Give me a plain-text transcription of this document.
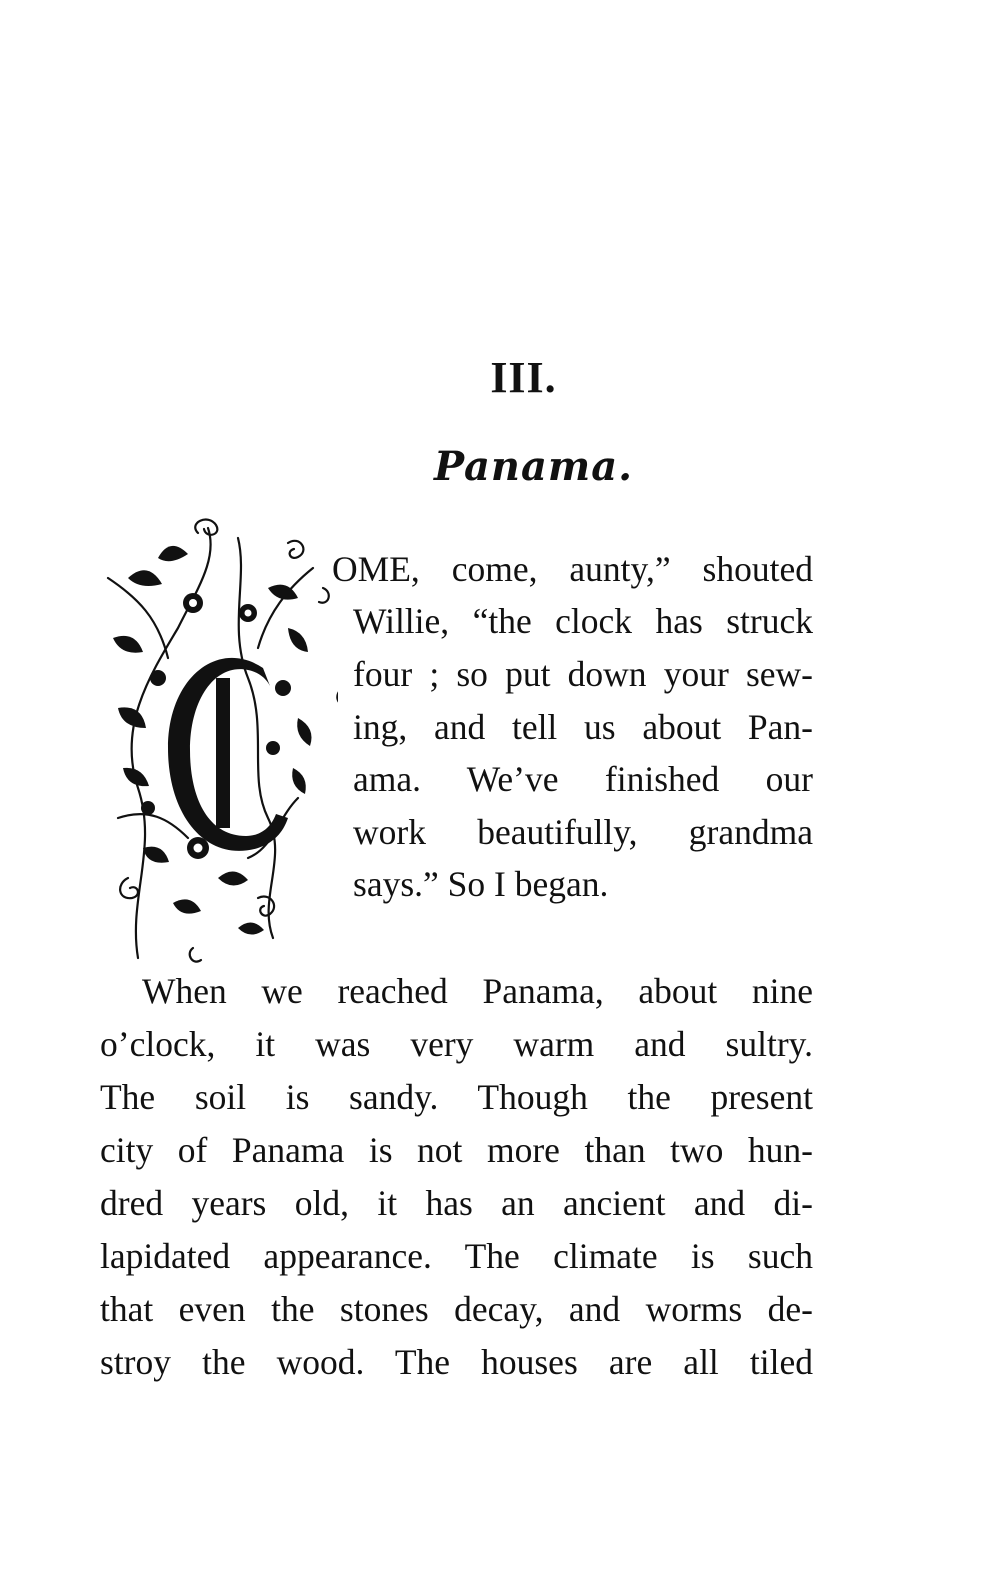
III.
Panama.
OME, come, aunty,” shouted
Willie, “the clock has struck
four ; so put down your sew-
ing, and tell us about Pan-
ama. We’ve finished our
work beautifully, grandma
says.” So I began.
When we reached Panama, about nine
o’clock, it was very warm and sultry.
The soil is sandy. Though the present
city of Panama is not more than two hun-
dred years old, it has an ancient and di-
lapidated appearance. The climate is such
that even the stones decay, and worms de-
stroy the wood. The houses are all tiled
